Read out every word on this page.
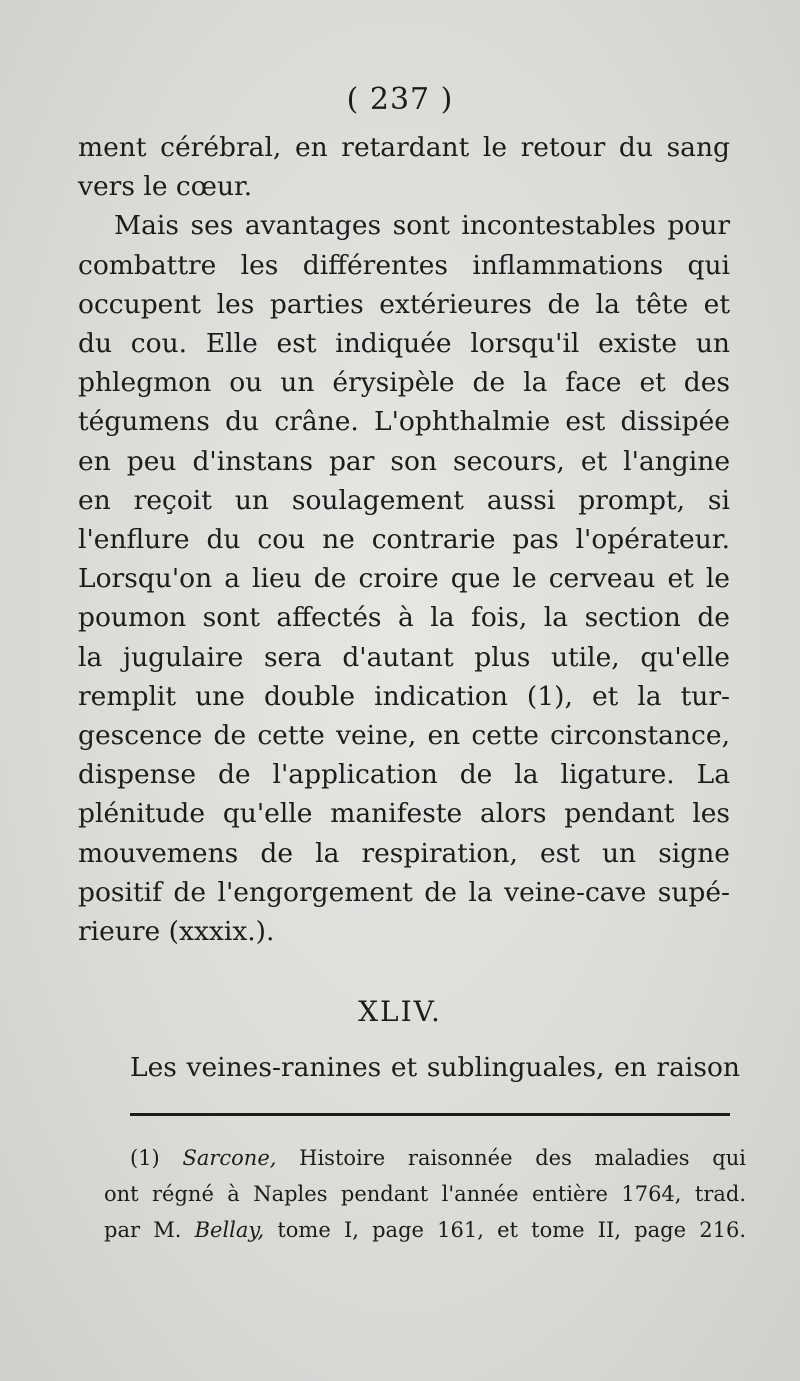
( 237 )
ment cérébral, en retardant le retour du sang
vers le cœur.
Mais ses avantages sont incontestables pour
combattre les différentes inflammations qui
occupent les parties extérieures de la tête et
du cou. Elle est indiquée lorsqu'il existe un
phlegmon ou un érysipèle de la face et des
tégumens du crâne. L'ophthalmie est dissipée
en peu d'instans par son secours, et l'angine
en reçoit un soulagement aussi prompt, si
l'enflure du cou ne contrarie pas l'opérateur.
Lorsqu'on a lieu de croire que le cerveau et le
poumon sont affectés à la fois, la section de
la jugulaire sera d'autant plus utile, qu'elle
remplit une double indication (1), et la tur-
gescence de cette veine, en cette circonstance,
dispense de l'application de la ligature. La
plénitude qu'elle manifeste alors pendant les
mouvemens de la respiration, est un signe
positif de l'engorgement de la veine-cave supé-
rieure (xxxix.).
XLIV.
Les veines-ranines et sublinguales, en raison
(1) Sarcone, Histoire raisonnée des maladies qui
ont régné à Naples pendant l'année entière 1764, trad.
par M. Bellay, tome I, page 161, et tome II, page 216.
